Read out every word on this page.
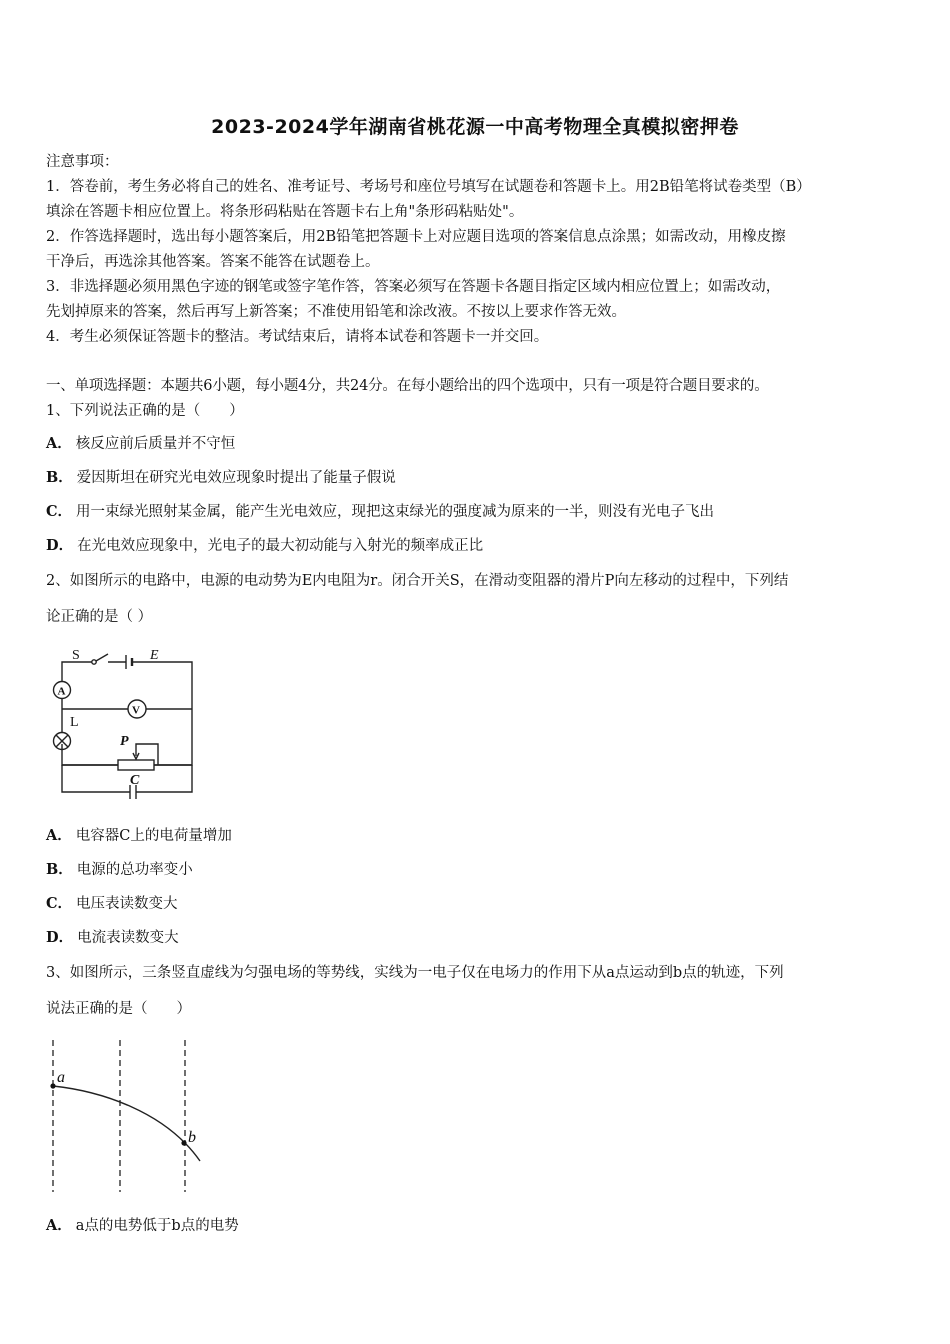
2023-2024学年湖南省桃花源一中高考物理全真模拟密押卷
注意事项：
1．答卷前，考生务必将自己的姓名、准考证号、考场号和座位号填写在试题卷和答题卡上。用2B铅笔将试卷类型（B）
填涂在答题卡相应位置上。将条形码粘贴在答题卡右上角"条形码粘贴处"。
2．作答选择题时，选出每小题答案后，用2B铅笔把答题卡上对应题目选项的答案信息点涂黑；如需改动，用橡皮擦
干净后，再选涂其他答案。答案不能答在试题卷上。
3．非选择题必须用黑色字迹的钢笔或签字笔作答，答案必须写在答题卡各题目指定区域内相应位置上；如需改动，
先划掉原来的答案，然后再写上新答案；不准使用铅笔和涂改液。不按以上要求作答无效。
4．考生必须保证答题卡的整洁。考试结束后，请将本试卷和答题卡一并交回。
一、单项选择题：本题共6小题，每小题4分，共24分。在每小题给出的四个选项中，只有一项是符合题目要求的。
1、下列说法正确的是（　　）
A． 核反应前后质量并不守恒
B． 爱因斯坦在研究光电效应现象时提出了能量子假说
C． 用一束绿光照射某金属，能产生光电效应，现把这束绿光的强度减为原来的一半，则没有光电子飞出
D． 在光电效应现象中，光电子的最大初动能与入射光的频率成正比
2、如图所示的电路中，电源的电动势为E内电阻为r。闭合开关S，在滑动变阻器的滑片P向左移动的过程中，下列结
论正确的是（ ）
S	E
A
V
L
P
C
A． 电容器C上的电荷量增加
B． 电源的总功率变小
C． 电压表读数变大
D． 电流表读数变大
3、如图所示，三条竖直虚线为匀强电场的等势线，实线为一电子仅在电场力的作用下从a点运动到b点的轨迹，下列
说法正确的是（　　）
a
b
A． a点的电势低于b点的电势
